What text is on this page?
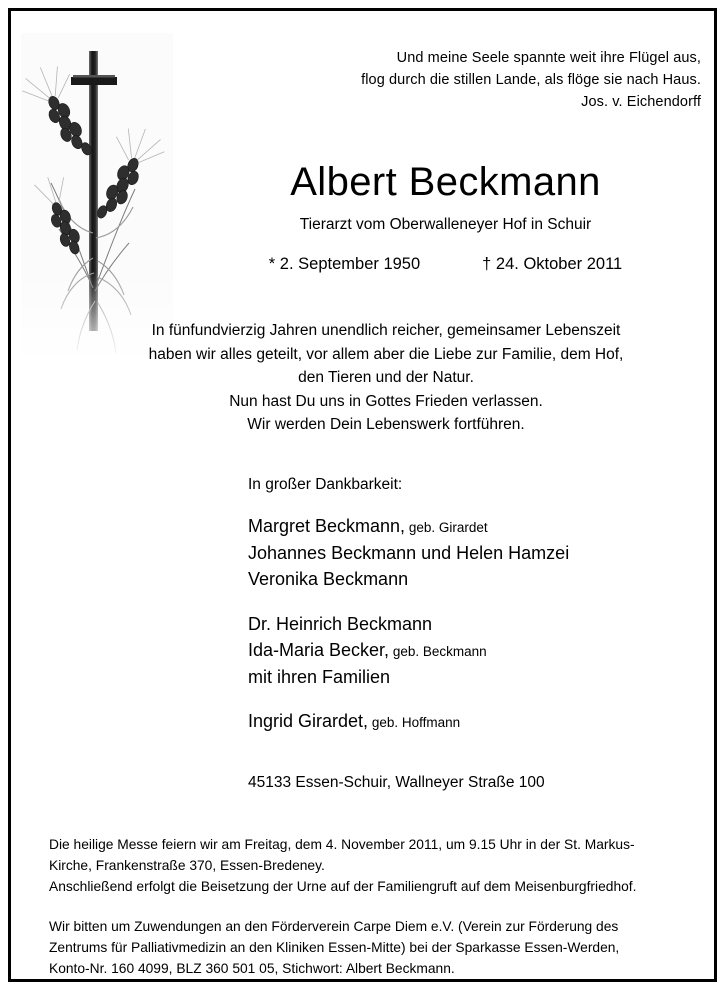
Und meine Seele spannte weit ihre Flügel aus,
flog durch die stillen Lande, als flöge sie nach Haus.
Jos. v. Eichendorff
Albert Beckmann
Tierarzt vom Oberwalleneyer Hof in Schuir
* 2. September 1950	† 24. Oktober 2011
In fünfundvierzig Jahren unendlich reicher, gemeinsamer Lebenszeit
haben wir alles geteilt, vor allem aber die Liebe zur Familie, dem Hof,
den Tieren und der Natur.
Nun hast Du uns in Gottes Frieden verlassen.
Wir werden Dein Lebenswerk fortführen.
In großer Dankbarkeit:
Margret Beckmann, geb. Girardet
Johannes Beckmann und Helen Hamzei
Veronika Beckmann
Dr. Heinrich Beckmann
Ida-Maria Becker, geb. Beckmann
mit ihren Familien
Ingrid Girardet, geb. Hoffmann
45133 Essen-Schuir, Wallneyer Straße 100

Die heilige Messe feiern wir am Freitag, dem 4. November 2011, um 9.15 Uhr in der St. Markus-

Kirche, Frankenstraße 370, Essen-Bredeney.

Anschließend erfolgt die Beisetzung der Urne auf der Familiengruft auf dem Meisenburgfriedhof.

Wir bitten um Zuwendungen an den Förderverein Carpe Diem e.V. (Verein zur Förderung des

Zentrums für Palliativmedizin an den Kliniken Essen-Mitte) bei der Sparkasse Essen-Werden,

Konto-Nr. 160 4099, BLZ 360 501 05, Stichwort: Albert Beckmann.
